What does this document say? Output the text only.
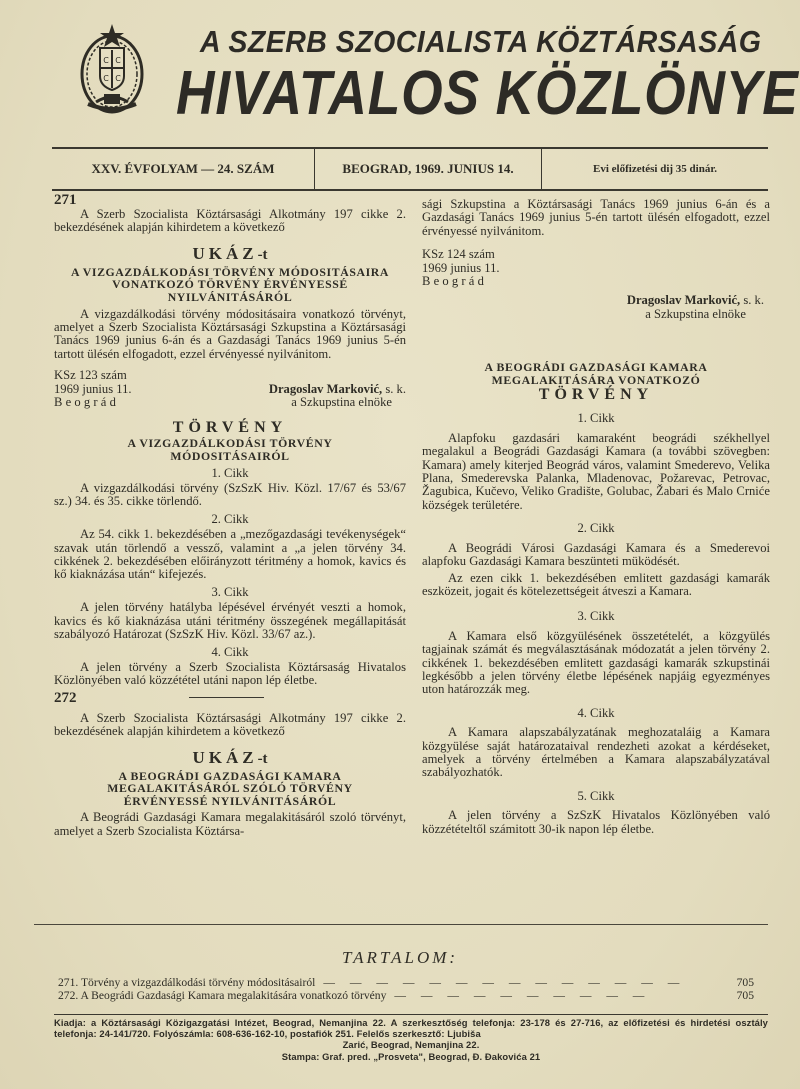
C C
C C
A SZERB SZOCIALISTA KÖZTÁRSASÁG
HIVATALOS KÖZLÖNYE
XXV. ÉVFOLYAM — 24. SZÁM	BEOGRAD, 1969. JUNIUS 14.	Evi előfizetési dij 35 dinár.
271

A Szerb Szocialista Köztársasági Alkotmány 197 cikke 2. bekezdésének alapján kihirdetem a következő

UKÁZ-t
A VIZGAZDÁLKODÁSI TÖRVÉNY MÓDOSITÁSAIRA VONATKOZÓ TÖRVÉNY ÉRVÉNYESSÉ NYILVÁNITÁSÁRÓL

A vizgazdálkodási törvény módositásaira vonatkozó törvényt, amelyet a Szerb Szocialista Köztársasági Szkupstina a Köztársasági Tanács 1969 junius 6-án és a Gazdasági Tanács 1969 junius 5-én tartott ülésén elfogadott, ezzel érvényessé nyilvánitom.

KSz 123 szám
1969 junius 11.	Dragoslav Marković, s. k.
Beográd	a Szkupstina elnöke
TÖRVÉNY
A VIZGAZDÁLKODÁSI TÖRVÉNY MÓDOSITÁSAIRÓL
1. Cikk

A vizgazdálkodási törvény (SzSzK Hiv. Közl. 17/67 és 53/67 sz.) 34. és 35. cikke törlendő.

2. Cikk

Az 54. cikk 1. bekezdésében a „mezőgazdasági tevékenységek“ szavak után törlendő a vessző, valamint a „a jelen törvény 34. cikkének 2. bekezdésében előirányzott téritmény a homok, kavics és kő kiaknázása után“ kifejezés.

3. Cikk

A jelen törvény hatályba lépésével érvényét veszti a homok, kavics és kő kiaknázása utáni téritmény összegének megállapitását szabályozó Határozat (SzSzK Hiv. Közl. 33/67 az.).

4. Cikk

A jelen törvény a Szerb Szocialista Köztársaság Hivatalos Közlönyében való közzététel utáni napon lép életbe.

272

A Szerb Szocialista Köztársasági Alkotmány 197 cikke 2. bekezdésének alapján kihirdetem a következő

UKÁZ-t
A BEOGRÁDI GAZDASÁGI KAMARA MEGALAKITÁSÁRÓL SZÓLÓ TÖRVÉNY ÉRVÉNYESSÉ NYILVÁNITÁSÁRÓL

A Beográdi Gazdasági Kamara megalakitásáról szoló törvényt, amelyet a Szerb Szocialista Köztársa-

sági Szkupstina a Köztársasági Tanács 1969 junius 6-án és a Gazdasági Tanács 1969 junius 5-én tartott ülésén elfogadott, ezzel érvényessé nyilvánitom.

KSz 124 szám
1969 junius 11.
Beográd
Dragoslav Marković, s. k.
a Szkupstina elnöke
A BEOGRÁDI GAZDASÁGI KAMARA MEGALAKITÁSÁRA VONATKOZÓ
TÖRVÉNY
1. Cikk

Alapfoku gazdasári kamaraként beográdi székhellyel megalakul a Beográdi Gazdasági Kamara (a további szövegben: Kamara) amely kiterjed Beográd város, valamint Smederevo, Velika Plana, Smederevska Palanka, Mladenovac, Požarevac, Petrovac, Žagubica, Kučevo, Veliko Gradište, Golubac, Žabari és Malo Crniće községek területére.

2. Cikk

A Beográdi Városi Gazdasági Kamara és a Smederevoi alapfoku Gazdasági Kamara beszünteti müködését.

Az ezen cikk 1. bekezdésében emlitett gazdasági kamarák eszközeit, jogait és kötelezettségeit átveszi a Kamara.

3. Cikk

A Kamara első közgyülésének összetételét, a közgyülés tagjainak számát és megválasztásának módozatát a jelen törvény 2. cikkének 1. bekezdésében emlitett gazdasági kamarák szkupstinái legkésőbb a jelen törvény életbe lépésének napjáig egyezményes uton határozzák meg.

4. Cikk

A Kamara alapszabályzatának meghozataláig a Kamara közgyülése saját határozataival rendezheti azokat a kérdéseket, amelyek a törvény értelmében a Kamara alapszabályzatával szabályozhatók.

5. Cikk

A jelen törvény a SzSzK Hivatalos Közlönyében való közzétételtől számitott 30-ik napon lép életbe.

TARTALOM:
271. Törvény a vizgazdálkodási törvény módositásairól — — — — — — — — — — — — — —	705
272. A Beográdi Gazdasági Kamara megalakitására vonatkozó törvény — — — — — — — — — —	705
Kiadja: a Köztársasági Közigazgatási Intézet, Beograd, Nemanjina 22. A szerkesztőség telefonja: 23-178 és 27-716, az előfizetési és hirdetési osztály telefonja: 24-141/720. Folyószámla: 608-636-162-10, postafiók 251. Felelős szerkesztő: Ljubiša
Zarić, Beograd, Nemanjina 22.
Stampa: Graf. pred. „Prosveta", Beograd, Đ. Đakovića 21
